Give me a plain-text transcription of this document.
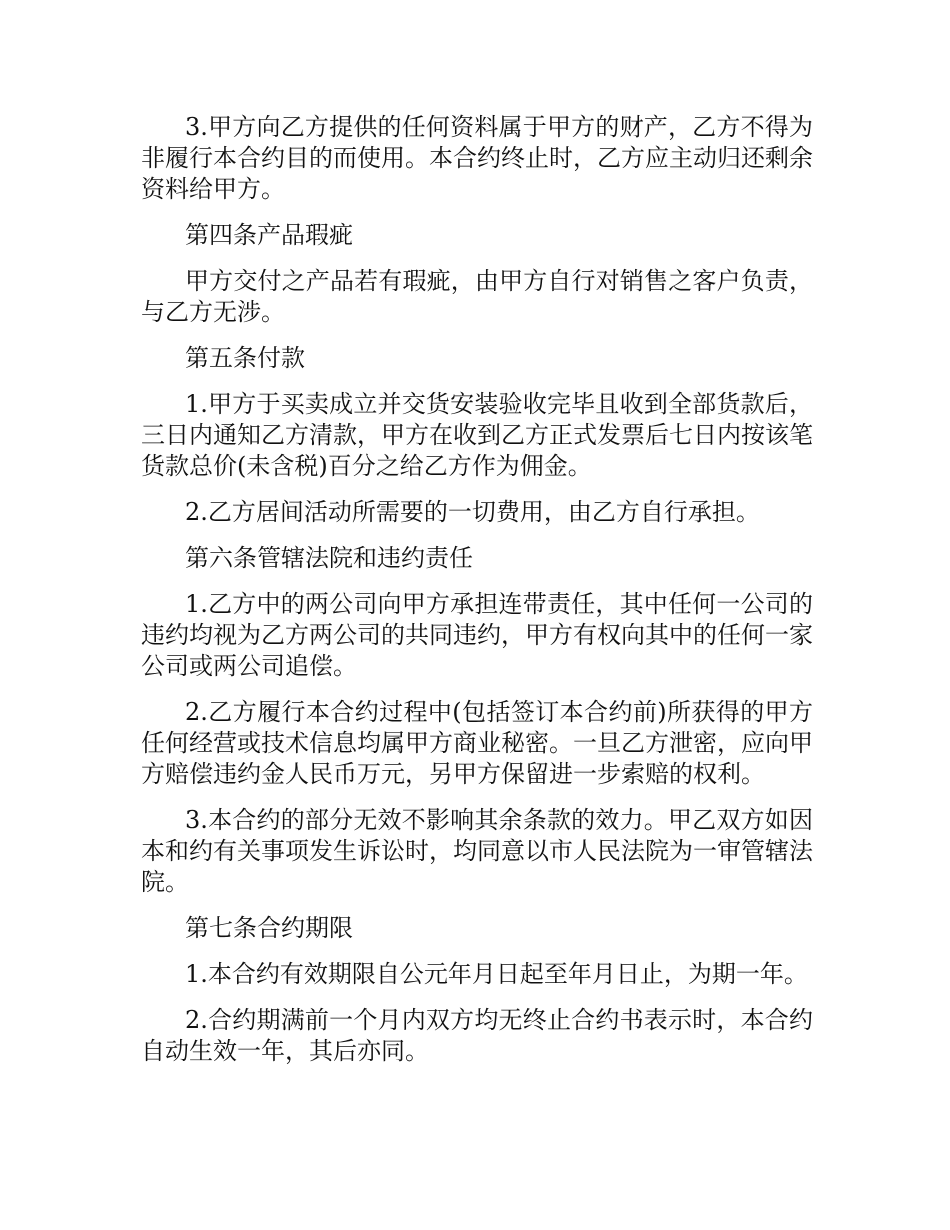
3.甲方向乙方提供的任何资料属于甲方的财产，乙方不得为非履行本合约目的而使用。本合约终止时，乙方应主动归还剩余资料给甲方。

第四条产品瑕疵

甲方交付之产品若有瑕疵，由甲方自行对销售之客户负责，与乙方无涉。

第五条付款

1.甲方于买卖成立并交货安装验收完毕且收到全部货款后，三日内通知乙方清款，甲方在收到乙方正式发票后七日内按该笔货款总价(未含税)百分之给乙方作为佣金。

2.乙方居间活动所需要的一切费用，由乙方自行承担。

第六条管辖法院和违约责任

1.乙方中的两公司向甲方承担连带责任，其中任何一公司的违约均视为乙方两公司的共同违约，甲方有权向其中的任何一家公司或两公司追偿。

2.乙方履行本合约过程中(包括签订本合约前)所获得的甲方任何经营或技术信息均属甲方商业秘密。一旦乙方泄密，应向甲方赔偿违约金人民币万元，另甲方保留进一步索赔的权利。

3.本合约的部分无效不影响其余条款的效力。甲乙双方如因本和约有关事项发生诉讼时，均同意以市人民法院为一审管辖法院。

第七条合约期限

1.本合约有效期限自公元年月日起至年月日止，为期一年。

2.合约期满前一个月内双方均无终止合约书表示时，本合约自动生效一年，其后亦同。
